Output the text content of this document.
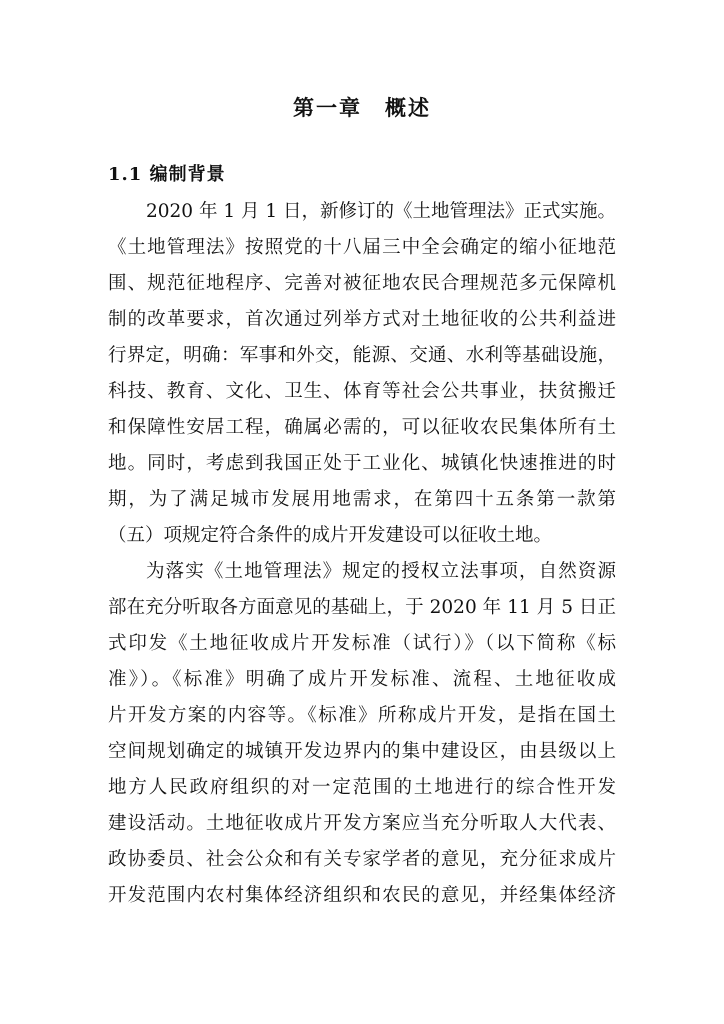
第一章　概述
1.1 编制背景
2020 年 1 月 1 日，新修订的《土地管理法》正式实施。
《土地管理法》按照党的十八届三中全会确定的缩小征地范
围、规范征地程序、完善对被征地农民合理规范多元保障机
制的改革要求，首次通过列举方式对土地征收的公共利益进
行界定，明确：军事和外交，能源、交通、水利等基础设施，
科技、教育、文化、卫生、体育等社会公共事业，扶贫搬迁
和保障性安居工程，确属必需的，可以征收农民集体所有土
地。同时，考虑到我国正处于工业化、城镇化快速推进的时
期，为了满足城市发展用地需求，在第四十五条第一款第
（五）项规定符合条件的成片开发建设可以征收土地。
为落实《土地管理法》规定的授权立法事项，自然资源
部在充分听取各方面意见的基础上，于 2020 年 11 月 5 日正
式印发《土地征收成片开发标准（试行）》（以下简称《标
准》）。《标准》明确了成片开发标准、流程、土地征收成
片开发方案的内容等。《标准》所称成片开发，是指在国土
空间规划确定的城镇开发边界内的集中建设区，由县级以上
地方人民政府组织的对一定范围的土地进行的综合性开发
建设活动。土地征收成片开发方案应当充分听取人大代表、
政协委员、社会公众和有关专家学者的意见，充分征求成片
开发范围内农村集体经济组织和农民的意见，并经集体经济
